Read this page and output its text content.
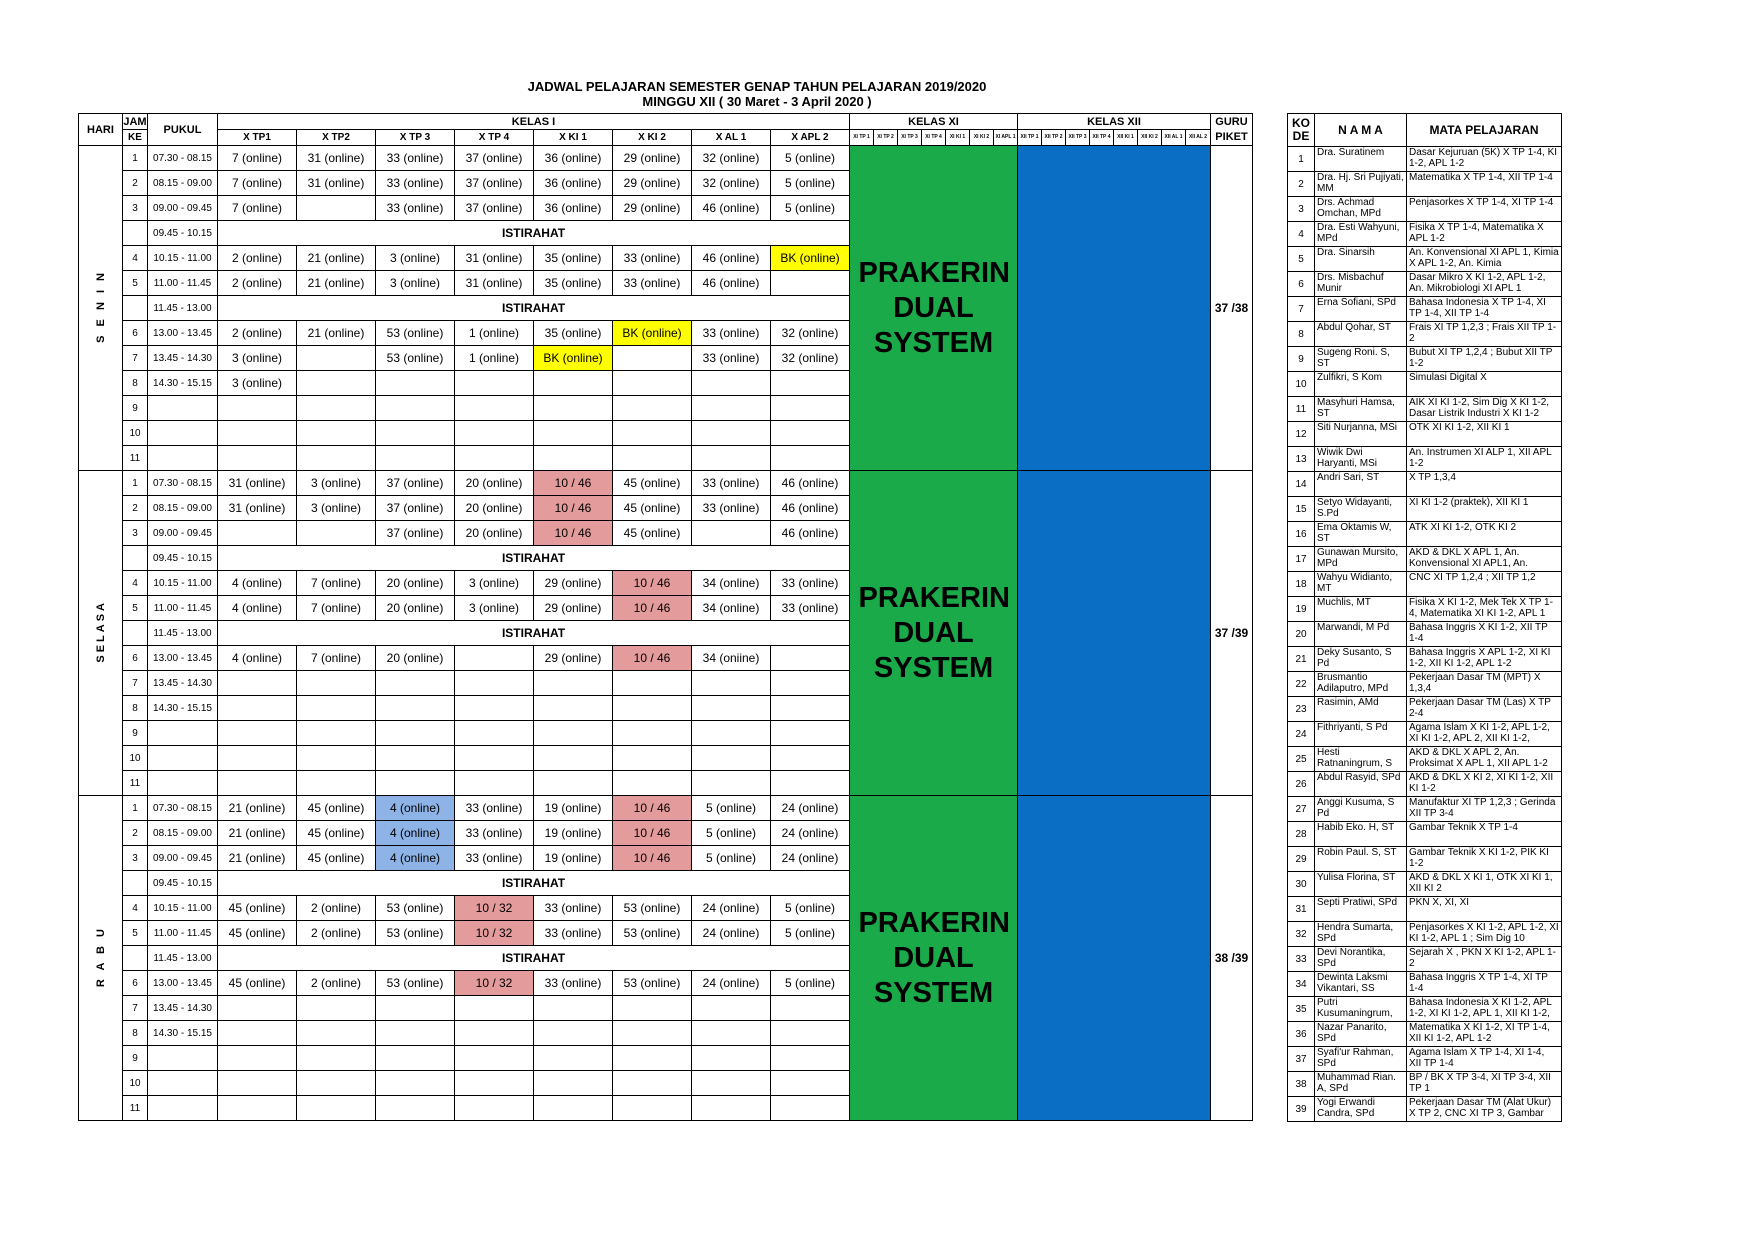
JADWAL PELAJARAN SEMESTER GENAP TAHUN PELAJARAN 2019/2020
MINGGU XII ( 30 Maret - 3 April 2020 )
HARI	JAM	PUKUL	KELAS I								KELAS XI							KELAS XII								GURU PIKET
	KE		X TP1	X TP2	X TP 3	X TP 4	X KI 1	X KI 2	X AL 1	X APL 2	XI TP 1	XI TP 2	XI TP 3	XI TP 4	XI KI 1	XI KI 2	XI APL 1	XII TP 1	XII TP 2	XII TP 3	XII TP 4	XII KI 1	XII KI 2	XII AL 1	XII AL 2	
S E N I N	1	07.30 - 08.15	7 (online)	31 (online)	33 (online)	37 (online)	36 (online)	29 (online)	32 (online)	5 (online)	PRAKERIN DUAL SYSTEM															37 /38
	2	08.15 - 09.00	7 (online)	31 (online)	33 (online)	37 (online)	36 (online)	29 (online)	32 (online)	5 (online)																
	3	09.00 - 09.45	7 (online)		33 (online)	37 (online)	36 (online)	29 (online)	46 (online)	5 (online)																
		09.45 - 10.15	ISTIRAHAT																							
	4	10.15 - 11.00	2 (online)	21 (online)	3 (online)	31 (online)	35 (online)	33 (online)	46 (online)	BK (online)																
	5	11.00 - 11.45	2 (online)	21 (online)	3 (online)	31 (online)	35 (online)	33 (online)	46 (online)																	
		11.45 - 13.00	ISTIRAHAT																							
	6	13.00 - 13.45	2 (online)	21 (online)	53 (online)	1 (online)	35 (online)	BK (online)	33 (online)	32 (online)																
	7	13.45 - 14.30	3 (online)		53 (online)	1 (online)	BK (online)		33 (online)	32 (online)																
	8	14.30 - 15.15	3 (online)																							
	9																									
	10																									
	11																									
SELASA	1	07.30 - 08.15	31 (online)	3 (online)	37 (online)	20 (online)	10 / 46	45 (online)	33 (online)	46 (online)	PRAKERIN DUAL SYSTEM															37 /39
	2	08.15 - 09.00	31 (online)	3 (online)	37 (online)	20 (online)	10 / 46	45 (online)	33 (online)	46 (online)																
	3	09.00 - 09.45			37 (online)	20 (online)	10 / 46	45 (online)		46 (online)																
		09.45 - 10.15	ISTIRAHAT																							
	4	10.15 - 11.00	4 (online)	7 (online)	20 (online)	3 (online)	29 (online)	10 / 46	34 (online)	33 (online)																
	5	11.00 - 11.45	4 (online)	7 (online)	20 (online)	3 (online)	29 (online)	10 / 46	34 (online)	33 (online)																
		11.45 - 13.00	ISTIRAHAT																							
	6	13.00 - 13.45	4 (online)	7 (online)	20 (online)		29 (online)	10 / 46	34 (oniine)																	
	7	13.45 - 14.30																								
	8	14.30 - 15.15																								
	9																									
	10																									
	11																									
R A B U	1	07.30 - 08.15	21 (online)	45 (online)	4 (online)	33 (online)	19 (online)	10 / 46	5 (online)	24 (online)	PRAKERIN DUAL SYSTEM															38 /39
	2	08.15 - 09.00	21 (online)	45 (online)	4 (online)	33 (online)	19 (online)	10 / 46	5 (online)	24 (online)																
	3	09.00 - 09.45	21 (online)	45 (online)	4 (online)	33 (online)	19 (online)	10 / 46	5 (online)	24 (online)																
		09.45 - 10.15	ISTIRAHAT																							
	4	10.15 - 11.00	45 (online)	2 (online)	53 (online)	10 / 32	33 (online)	53 (online)	24 (online)	5 (online)																
	5	11.00 - 11.45	45 (online)	2 (online)	53 (online)	10 / 32	33 (online)	53 (online)	24 (online)	5 (online)																
		11.45 - 13.00	ISTIRAHAT																							
	6	13.00 - 13.45	45 (online)	2 (online)	53 (online)	10 / 32	33 (online)	53 (online)	24 (online)	5 (online)																
	7	13.45 - 14.30																								
	8	14.30 - 15.15																								
	9																									
	10																									
	11																									
KO DE	N A M A	MATA PELAJARAN
1	Dra. Suratinem	Dasar Kejuruan (5K) X TP 1-4, KI 1-2, APL 1-2
2	Dra. Hj. Sri Pujiyati, MM	Matematika X TP 1-4, XII TP 1-4
3	Drs. Achmad Omchan, MPd	Penjasorkes X TP 1-4, XI TP 1-4
4	Dra. Esti Wahyuni, MPd	Fisika X TP 1-4, Matematika X APL 1-2
5	Dra. Sinarsih	An. Konvensional XI APL 1, Kimia X APL 1-2, An. Kimia
6	Drs. Misbachuf Munir	Dasar Mikro X KI 1-2, APL 1-2, An. Mikrobiologi XI APL 1
7	Erna Sofiani, SPd	Bahasa Indonesia X TP 1-4, XI TP 1-4, XII TP 1-4
8	Abdul Qohar, ST	Frais XI TP 1,2,3 ; Frais XII TP 1-2
9	Sugeng Roni. S, ST	Bubut XI TP 1,2,4 ; Bubut XII TP 1-2
10	Zulfikri, S Kom	Simulasi Digital X
11	Masyhuri Hamsa, ST	AIK XI KI 1-2, Sim Dig X KI 1-2, Dasar Listrik Industri X KI 1-2
12	Siti Nurjanna, MSi	OTK XI KI 1-2, XII KI 1
13	Wiwik Dwi Haryanti, MSi	An. Instrumen XI ALP 1, XII APL 1-2
14	Andri Sari, ST	X TP 1,3,4
15	Setyo Widayanti, S.Pd	XI KI 1-2 (praktek), XII KI 1
16	Ema Oktamis W, ST	ATK XI KI 1-2, OTK KI 2
17	Gunawan Mursito, MPd	AKD & DKL X APL 1, An. Konvensional XI APL1, An.
18	Wahyu Widianto, MT	CNC XI TP 1,2,4 ; XII TP 1,2
19	Muchlis, MT	Fisika X KI 1-2, Mek Tek X TP 1-4, Matematika XI KI 1-2, APL 1
20	Marwandi, M Pd	Bahasa Inggris X KI 1-2, XII TP 1-4
21	Deky Susanto, S Pd	Bahasa Inggris X APL 1-2, XI KI 1-2, XII KI 1-2, APL 1-2
22	Brusmantio Adilaputro, MPd	Pekerjaan Dasar TM (MPT) X 1,3,4
23	Rasimin, AMd	Pekerjaan Dasar TM (Las) X TP 2-4
24	Fithriyanti, S Pd	Agama Islam X KI 1-2, APL 1-2, XI KI 1-2, APL 2, XII KI 1-2,
25	Hesti Ratnaningrum, S	AKD & DKL X APL 2, An. Proksimat X APL 1, XII APL 1-2
26	Abdul Rasyid, SPd	AKD & DKL X KI 2, XI KI 1-2, XII KI 1-2
27	Anggi Kusuma, S Pd	Manufaktur XI TP 1,2,3 ; Gerinda XII TP 3-4
28	Habib Eko. H, ST	Gambar Teknik X TP 1-4
29	Robin Paul. S, ST	Gambar Teknik X KI 1-2, PIK KI 1-2
30	Yulisa Florina, ST	AKD & DKL X KI 1, OTK XI KI 1, XII KI 2
31	Septi Pratiwi, SPd	PKN X, XI, XI
32	Hendra Sumarta, SPd	Penjasorkes X KI 1-2, APL 1-2, XI KI 1-2, APL 1 ; Sim Dig 10
33	Devi Norantika, SPd	Sejarah X , PKN X KI 1-2, APL 1-2
34	Dewinta Laksmi Vikantari, SS	Bahasa Inggris X TP 1-4, XI TP 1-4
35	Putri Kusumaningrum,	Bahasa Indonesia X KI 1-2, APL 1-2, XI KI 1-2, APL 1, XII KI 1-2,
36	Nazar Panarito, SPd	Matematika X KI 1-2, XI TP 1-4, XII KI 1-2, APL 1-2
37	Syafi'ur Rahman, SPd	Agama Islam X TP 1-4, XI 1-4, XII TP 1-4
38	Muhammad Rian. A, SPd	BP / BK X TP 3-4, XI TP 3-4, XII TP 1
39	Yogi Erwandi Candra, SPd	Pekerjaan Dasar TM (Alat Ukur) X TP 2, CNC XI TP 3, Gambar
